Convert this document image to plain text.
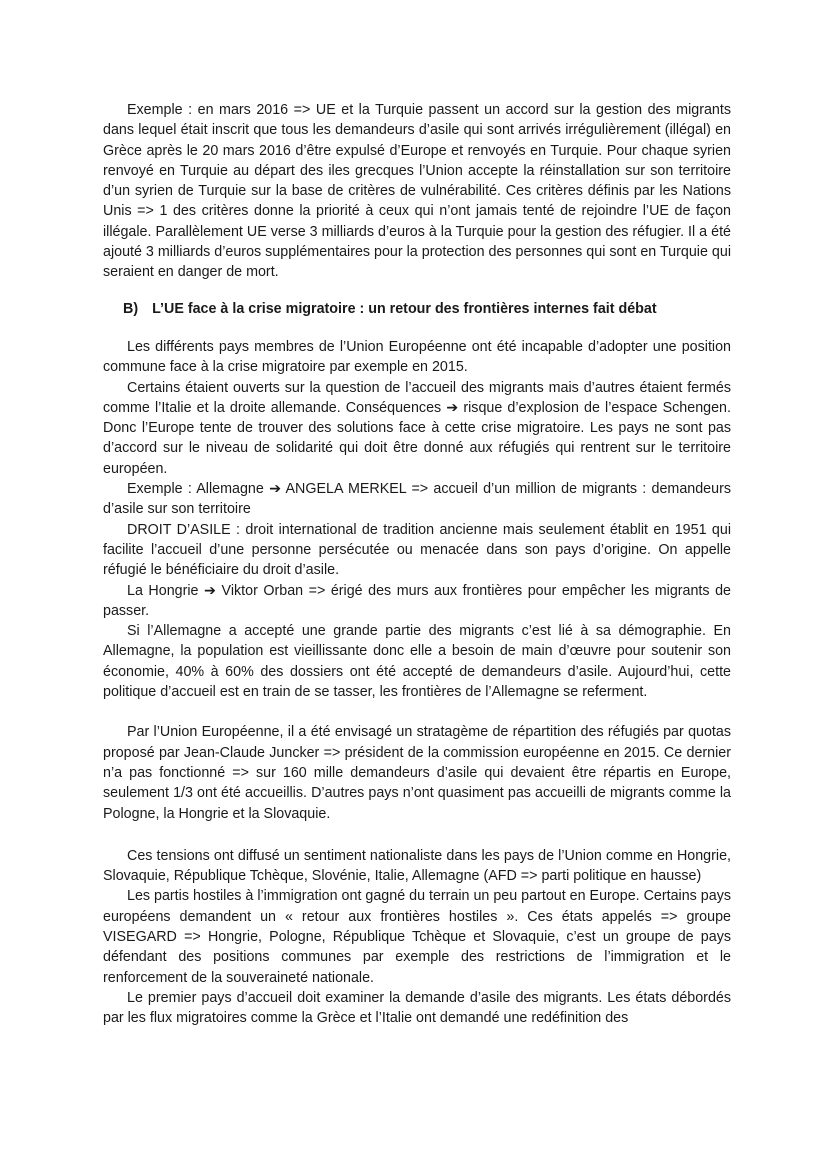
Exemple : en mars 2016 => UE et la Turquie passent un accord sur la gestion des migrants dans lequel était inscrit que tous les demandeurs d’asile qui sont arrivés irrégulièrement (illégal) en Grèce après le 20 mars 2016 d’être expulsé d’Europe et renvoyés en Turquie. Pour chaque syrien renvoyé en Turquie au départ des iles grecques l’Union accepte la réinstallation sur son territoire d’un syrien de Turquie sur la base de critères de vulnérabilité. Ces critères définis par les Nations Unis => 1 des critères donne la priorité à ceux qui n’ont jamais tenté de rejoindre l’UE de façon illégale. Parallèlement UE verse 3 milliards d’euros à la Turquie pour la gestion des réfugier. Il a été ajouté 3 milliards d’euros supplémentaires pour la protection des personnes qui sont en Turquie qui seraient en danger de mort.

B) L’UE face à la crise migratoire : un retour des frontières internes fait débat

Les différents pays membres de l’Union Européenne ont été incapable d’adopter une position commune face à la crise migratoire par exemple en 2015.

Certains étaient ouverts sur la question de l’accueil des migrants mais d’autres étaient fermés comme l’Italie et la droite allemande. Conséquences ➔ risque d’explosion de l’espace Schengen. Donc l’Europe tente de trouver des solutions face à cette crise migratoire. Les pays ne sont pas d’accord sur le niveau de solidarité qui doit être donné aux réfugiés qui rentrent sur le territoire européen.

Exemple : Allemagne ➔ ANGELA MERKEL => accueil d’un million de migrants : demandeurs d’asile sur son territoire

DROIT D’ASILE : droit international de tradition ancienne mais seulement établit en 1951 qui facilite l’accueil d’une personne persécutée ou menacée dans son pays d’origine. On appelle réfugié le bénéficiaire du droit d’asile.

La Hongrie ➔ Viktor Orban => érigé des murs aux frontières pour empêcher les migrants de passer.

Si l’Allemagne a accepté une grande partie des migrants c’est lié à sa démographie. En Allemagne, la population est vieillissante donc elle a besoin de main d’œuvre pour soutenir son économie, 40% à 60% des dossiers ont été accepté de demandeurs d’asile. Aujourd’hui, cette politique d’accueil est en train de se tasser, les frontières de l’Allemagne se referment.

Par l’Union Européenne, il a été envisagé un stratagème de répartition des réfugiés par quotas proposé par Jean-Claude Juncker => président de la commission européenne en 2015. Ce dernier n’a pas fonctionné => sur 160 mille demandeurs d’asile qui devaient être répartis en Europe, seulement 1/3 ont été accueillis. D’autres pays n’ont quasiment pas accueilli de migrants comme la Pologne, la Hongrie et la Slovaquie.

Ces tensions ont diffusé un sentiment nationaliste dans les pays de l’Union comme en Hongrie, Slovaquie, République Tchèque, Slovénie, Italie, Allemagne (AFD => parti politique en hausse)

Les partis hostiles à l’immigration ont gagné du terrain un peu partout en Europe. Certains pays européens demandent un « retour aux frontières hostiles ». Ces états appelés => groupe VISEGARD => Hongrie, Pologne, République Tchèque et Slovaquie, c’est un groupe de pays défendant des positions communes par exemple des restrictions de l’immigration et le renforcement de la souveraineté nationale.

Le premier pays d’accueil doit examiner la demande d’asile des migrants. Les états débordés par les flux migratoires comme la Grèce et l’Italie ont demandé une redéfinition des
